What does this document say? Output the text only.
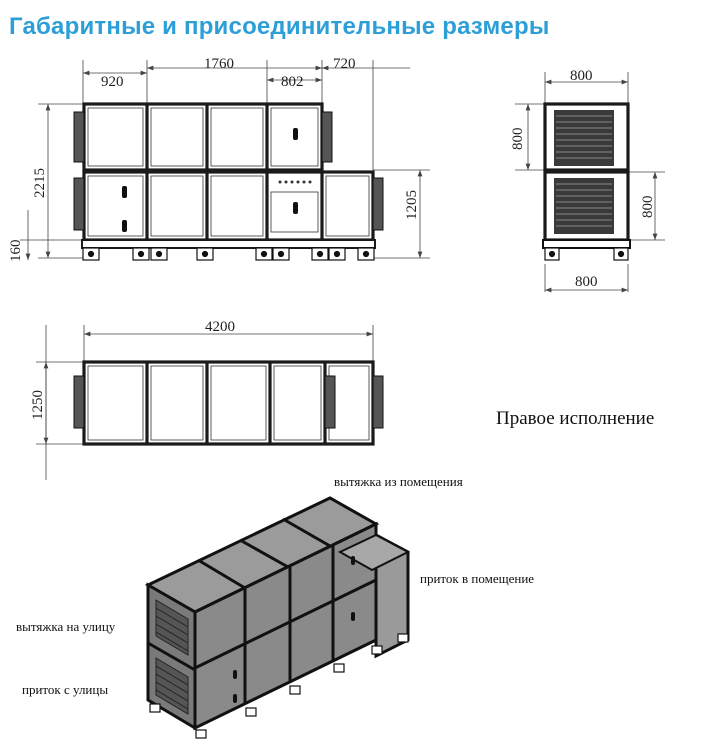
Габаритные и присоединительные размеры
920
1760
802
720
2215
1205
160
800
800
800
800
4200
1250	Правое исполнение
вытяжка из помещения
приток в помещение
вытяжка на улицу
приток с улицы
